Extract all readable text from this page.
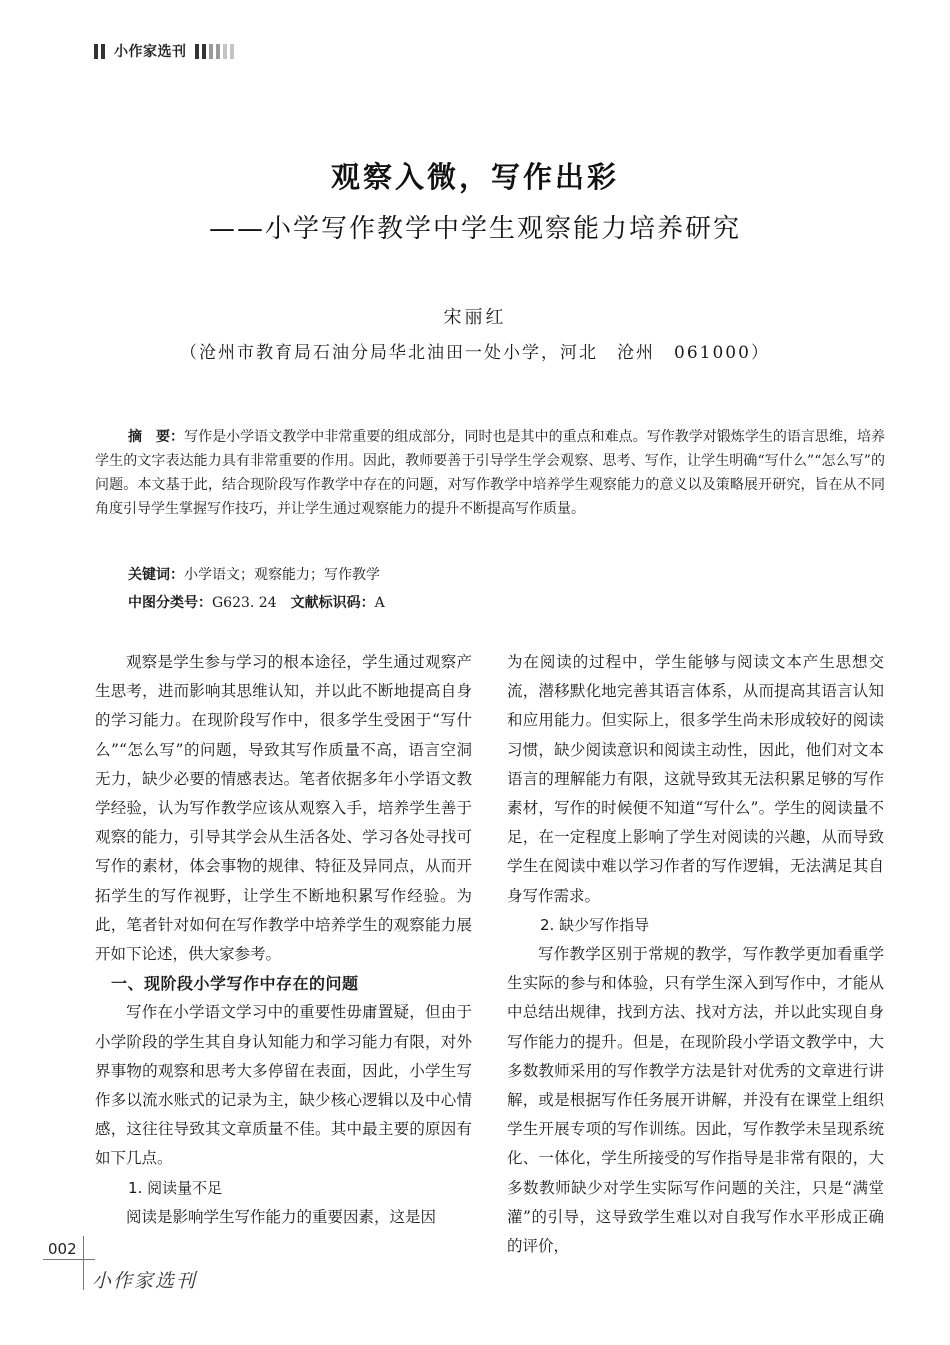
小作家选刊
观察入微，写作出彩
——小学写作教学中学生观察能力培养研究
宋丽红
（沧州市教育局石油分局华北油田一处小学，河北　沧州　061000）
摘　要：写作是小学语文教学中非常重要的组成部分，同时也是其中的重点和难点。写作教学对锻炼学生的语言思维，培养学生的文字表达能力具有非常重要的作用。因此，教师要善于引导学生学会观察、思考、写作，让学生明确“写什么”“怎么写”的问题。本文基于此，结合现阶段写作教学中存在的问题，对写作教学中培养学生观察能力的意义以及策略展开研究，旨在从不同角度引导学生掌握写作技巧，并让学生通过观察能力的提升不断提高写作质量。
关键词：小学语文；观察能力；写作教学
中图分类号：G623. 24 文献标识码：A

观察是学生参与学习的根本途径，学生通过观察产生思考，进而影响其思维认知，并以此不断地提高自身的学习能力。在现阶段写作中，很多学生受困于“写什么”“怎么写”的问题，导致其写作质量不高，语言空洞无力，缺少必要的情感表达。笔者依据多年小学语文教学经验，认为写作教学应该从观察入手，培养学生善于观察的能力，引导其学会从生活各处、学习各处寻找可写作的素材，体会事物的规律、特征及异同点，从而开拓学生的写作视野，让学生不断地积累写作经验。为此，笔者针对如何在写作教学中培养学生的观察能力展开如下论述，供大家参考。

一、现阶段小学写作中存在的问题

写作在小学语文学习中的重要性毋庸置疑，但由于小学阶段的学生其自身认知能力和学习能力有限，对外界事物的观察和思考大多停留在表面，因此，小学生写作多以流水账式的记录为主，缺少核心逻辑以及中心情感，这往往导致其文章质量不佳。其中最主要的原因有如下几点。

1. 阅读量不足

阅读是影响学生写作能力的重要因素，这是因

为在阅读的过程中，学生能够与阅读文本产生思想交流，潜移默化地完善其语言体系，从而提高其语言认知和应用能力。但实际上，很多学生尚未形成较好的阅读习惯，缺少阅读意识和阅读主动性，因此，他们对文本语言的理解能力有限，这就导致其无法积累足够的写作素材，写作的时候便不知道“写什么”。学生的阅读量不足，在一定程度上影响了学生对阅读的兴趣，从而导致学生在阅读中难以学习作者的写作逻辑，无法满足其自身写作需求。

2. 缺少写作指导

写作教学区别于常规的教学，写作教学更加看重学生实际的参与和体验，只有学生深入到写作中，才能从中总结出规律，找到方法、找对方法，并以此实现自身写作能力的提升。但是，在现阶段小学语文教学中，大多数教师采用的写作教学方法是针对优秀的文章进行讲解，或是根据写作任务展开讲解，并没有在课堂上组织学生开展专项的写作训练。因此，写作教学未呈现系统化、一体化，学生所接受的写作指导是非常有限的，大多数教师缺少对学生实际写作问题的关注，只是“满堂灌”的引导，这导致学生难以对自我写作水平形成正确的评价，

002
小作家选刊
